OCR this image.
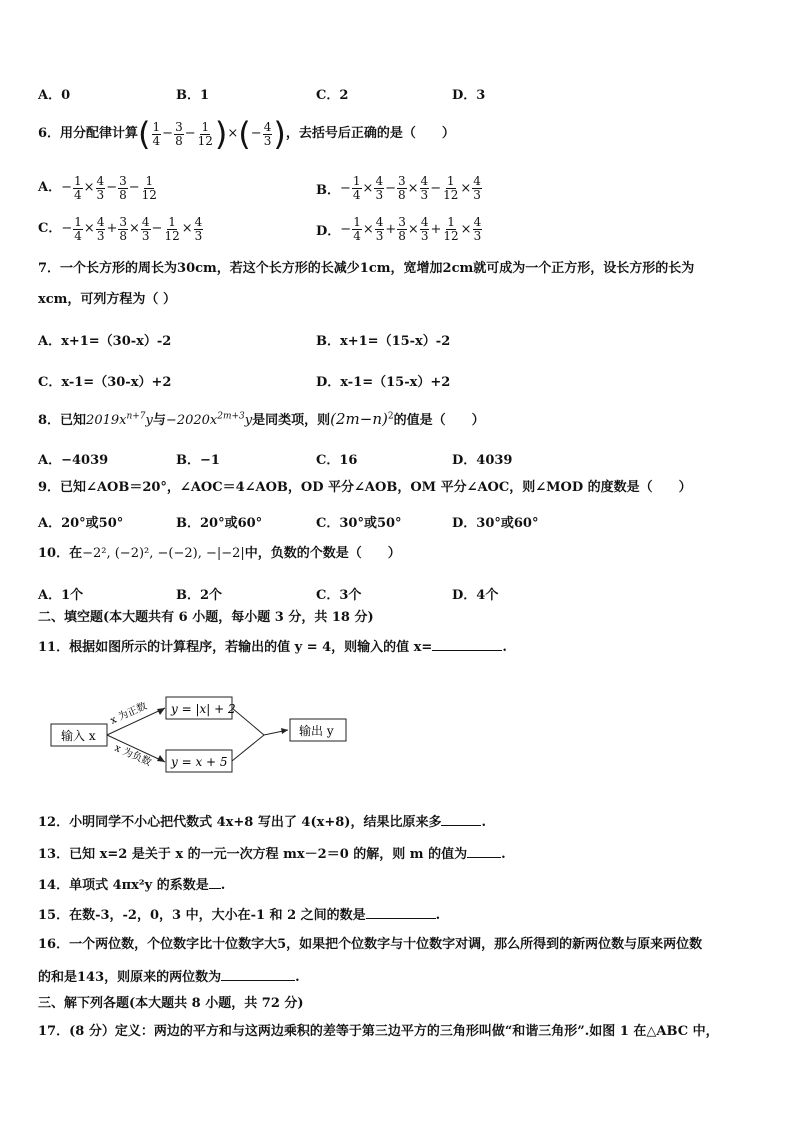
A．0	B．1	C．2	D．3
6．用分配律计算 ( $\frac{1}{4} - \frac{3}{8} - \frac{1}{12}$ ) × ( − $\frac{4}{3}$ ) ，去括号后正确的是（　　）
A． − $\frac{1}{4} \times \frac{4}{3} - \frac{3}{8} - \frac{1}{12}$	B． − $\frac{1}{4} \times \frac{4}{3} - \frac{3}{8} \times \frac{4}{3} - \frac{1}{12} \times \frac{4}{3}$
C． − $\frac{1}{4} \times \frac{4}{3} + \frac{3}{8} \times \frac{4}{3} - \frac{1}{12} \times \frac{4}{3}$	D． − $\frac{1}{4} \times \frac{4}{3} + \frac{3}{8} \times \frac{4}{3} + \frac{1}{12} \times \frac{4}{3}$
7．一个长方形的周长为30cm，若这个长方形的长减少1cm，宽增加2cm就可成为一个正方形，设长方形的长为
xcm，可列方程为（ ）
A．x+1=（30-x）-2	B．x+1=（15-x）-2
C．x-1=（30-x）+2	D．x-1=（15-x）+2
8．已知$2019x^{n+7}y$与$-2020x^{2m+3}y$是同类项，则$(2m-n)^2$的值是（　　）
A．−4039	B．−1	C．16	D．4039
9．已知∠AOB＝20°，∠AOC＝4∠AOB，OD 平分∠AOB，OM 平分∠AOC，则∠MOD 的度数是（　　）
A．20°或50°	B．20°或60°	C．30°或50°	D．30°或60°
10．在−2², (−2)², −(−2), −|−2|中，负数的个数是（　　）
A．1个	B．2个	C．3个	D．4个
二、填空题(本大题共有 6 小题，每小题 3 分，共 18 分)
11．根据如图所示的计算程序，若输出的值 y = 4，则输入的值 x=	.
输入 x
x 为正数
x 为负数
y = |x| + 2
y = x + 5
输出 y
12．小明同学不小心把代数式 4x+8 写出了 4(x+8)，结果比原来多	.
13．已知 x=2 是关于 x 的一元一次方程 mx－2＝0 的解，则 m 的值为	.
14．单项式 4πx²y 的系数是 .
15．在数-3，-2，0，3 中，大小在-1 和 2 之间的数是	.
16．一个两位数，个位数字比十位数字大5，如果把个位数字与十位数字对调，那么所得到的新两位数与原来两位数
的和是143，则原来的两位数为	.
三、解下列各题(本大题共 8 小题，共 72 分)
17．(8 分）定义：两边的平方和与这两边乘积的差等于第三边平方的三角形叫做“和谐三角形”.如图 1 在△ABC 中，
